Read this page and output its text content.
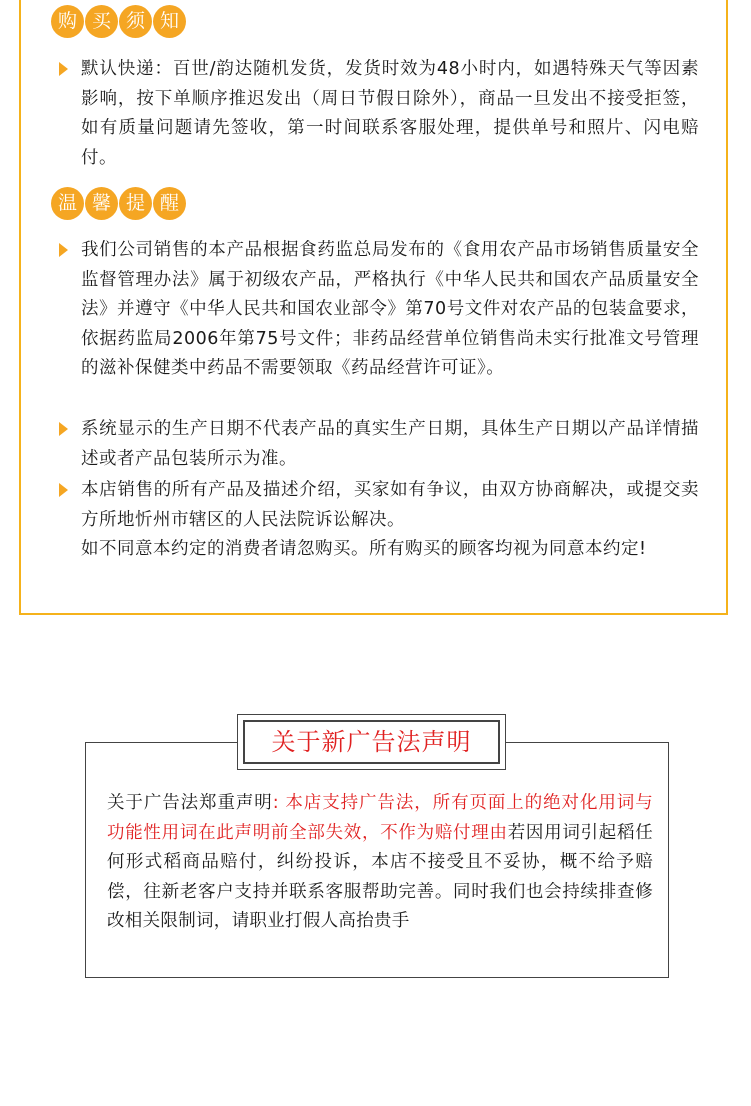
购 买 须 知
默认快递：百世/韵达随机发货，发货时效为48小时内，如遇特殊天气等因素影响，按下单顺序推迟发出（周日节假日除外），商品一旦发出不接受拒签，如有质量问题请先签收，第一时间联系客服处理，提供单号和照片、闪电赔付。
温 馨 提 醒
我们公司销售的本产品根据食药监总局发布的《食用农产品市场销售质量安全监督管理办法》属于初级农产品，严格执行《中华人民共和国农产品质量安全法》并遵守《中华人民共和国农业部令》第70号文件对农产品的包装盒要求，依据药监局2006年第75号文件；非药品经营单位销售尚未实行批准文号管理的滋补保健类中药品不需要领取《药品经营许可证》。
系统显示的生产日期不代表产品的真实生产日期，具体生产日期以产品详情描述或者产品包装所示为准。
本店销售的所有产品及描述介绍，买家如有争议，由双方协商解决，或提交卖方所地忻州市辖区的人民法院诉讼解决。
如不同意本约定的消费者请忽购买。所有购买的顾客均视为同意本约定!
关于新广告法声明
关于广告法郑重声明: 本店支持广告法，所有页面上的绝对化用词与功能性用词在此声明前全部失效，不作为赔付理由若因用词引起稻任何形式稻商品赔付，纠纷投诉，本店不接受且不妥协，概不给予赔偿，往新老客户支持并联系客服帮助完善。同时我们也会持续排查修改相关限制词，请职业打假人高抬贵手
